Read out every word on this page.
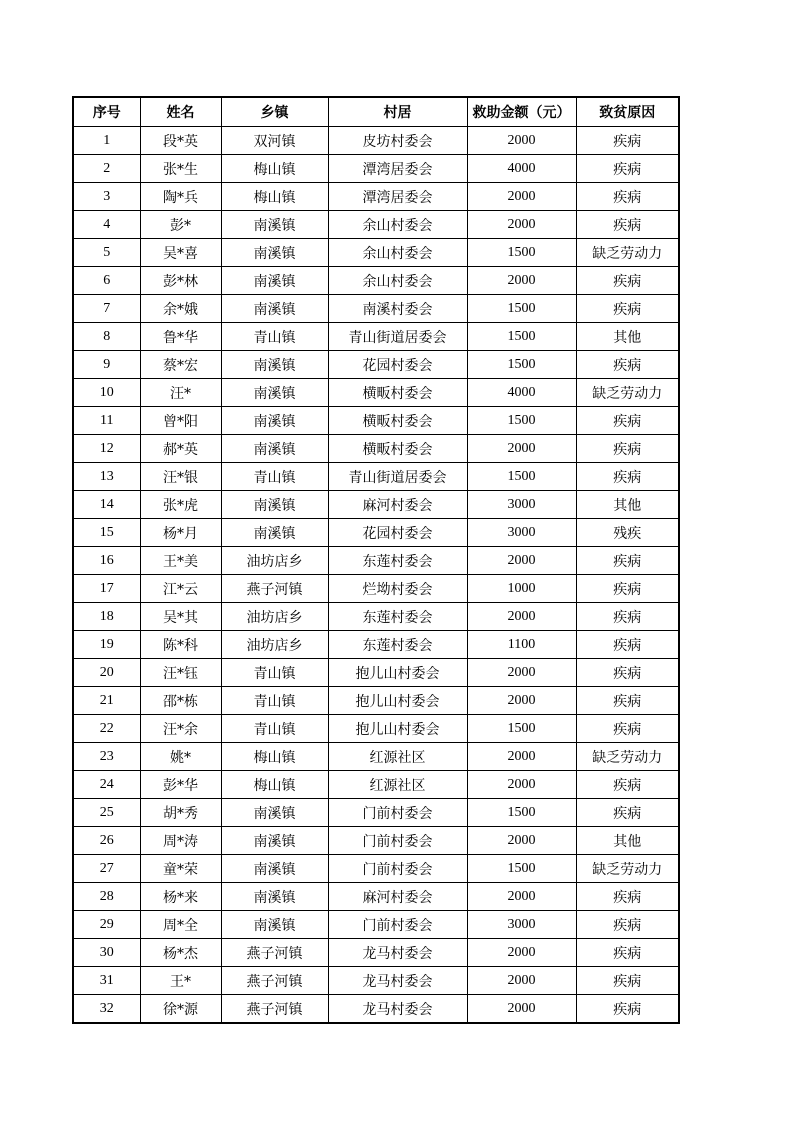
序号	姓名	乡镇	村居	救助金额（元）	致贫原因
1	段*英	双河镇	皮坊村委会	2000	疾病
2	张*生	梅山镇	潭湾居委会	4000	疾病
3	陶*兵	梅山镇	潭湾居委会	2000	疾病
4	彭*	南溪镇	余山村委会	2000	疾病
5	吴*喜	南溪镇	余山村委会	1500	缺乏劳动力
6	彭*林	南溪镇	余山村委会	2000	疾病
7	余*娥	南溪镇	南溪村委会	1500	疾病
8	鲁*华	青山镇	青山街道居委会	1500	其他
9	蔡*宏	南溪镇	花园村委会	1500	疾病
10	汪*	南溪镇	横畈村委会	4000	缺乏劳动力
11	曾*阳	南溪镇	横畈村委会	1500	疾病
12	郝*英	南溪镇	横畈村委会	2000	疾病
13	汪*银	青山镇	青山街道居委会	1500	疾病
14	张*虎	南溪镇	麻河村委会	3000	其他
15	杨*月	南溪镇	花园村委会	3000	残疾
16	王*美	油坊店乡	东莲村委会	2000	疾病
17	江*云	燕子河镇	烂坳村委会	1000	疾病
18	吴*其	油坊店乡	东莲村委会	2000	疾病
19	陈*科	油坊店乡	东莲村委会	1100	疾病
20	汪*钰	青山镇	抱儿山村委会	2000	疾病
21	邵*栋	青山镇	抱儿山村委会	2000	疾病
22	汪*余	青山镇	抱儿山村委会	1500	疾病
23	姚*	梅山镇	红源社区	2000	缺乏劳动力
24	彭*华	梅山镇	红源社区	2000	疾病
25	胡*秀	南溪镇	门前村委会	1500	疾病
26	周*涛	南溪镇	门前村委会	2000	其他
27	童*荣	南溪镇	门前村委会	1500	缺乏劳动力
28	杨*来	南溪镇	麻河村委会	2000	疾病
29	周*全	南溪镇	门前村委会	3000	疾病
30	杨*杰	燕子河镇	龙马村委会	2000	疾病
31	王*	燕子河镇	龙马村委会	2000	疾病
32	徐*源	燕子河镇	龙马村委会	2000	疾病
